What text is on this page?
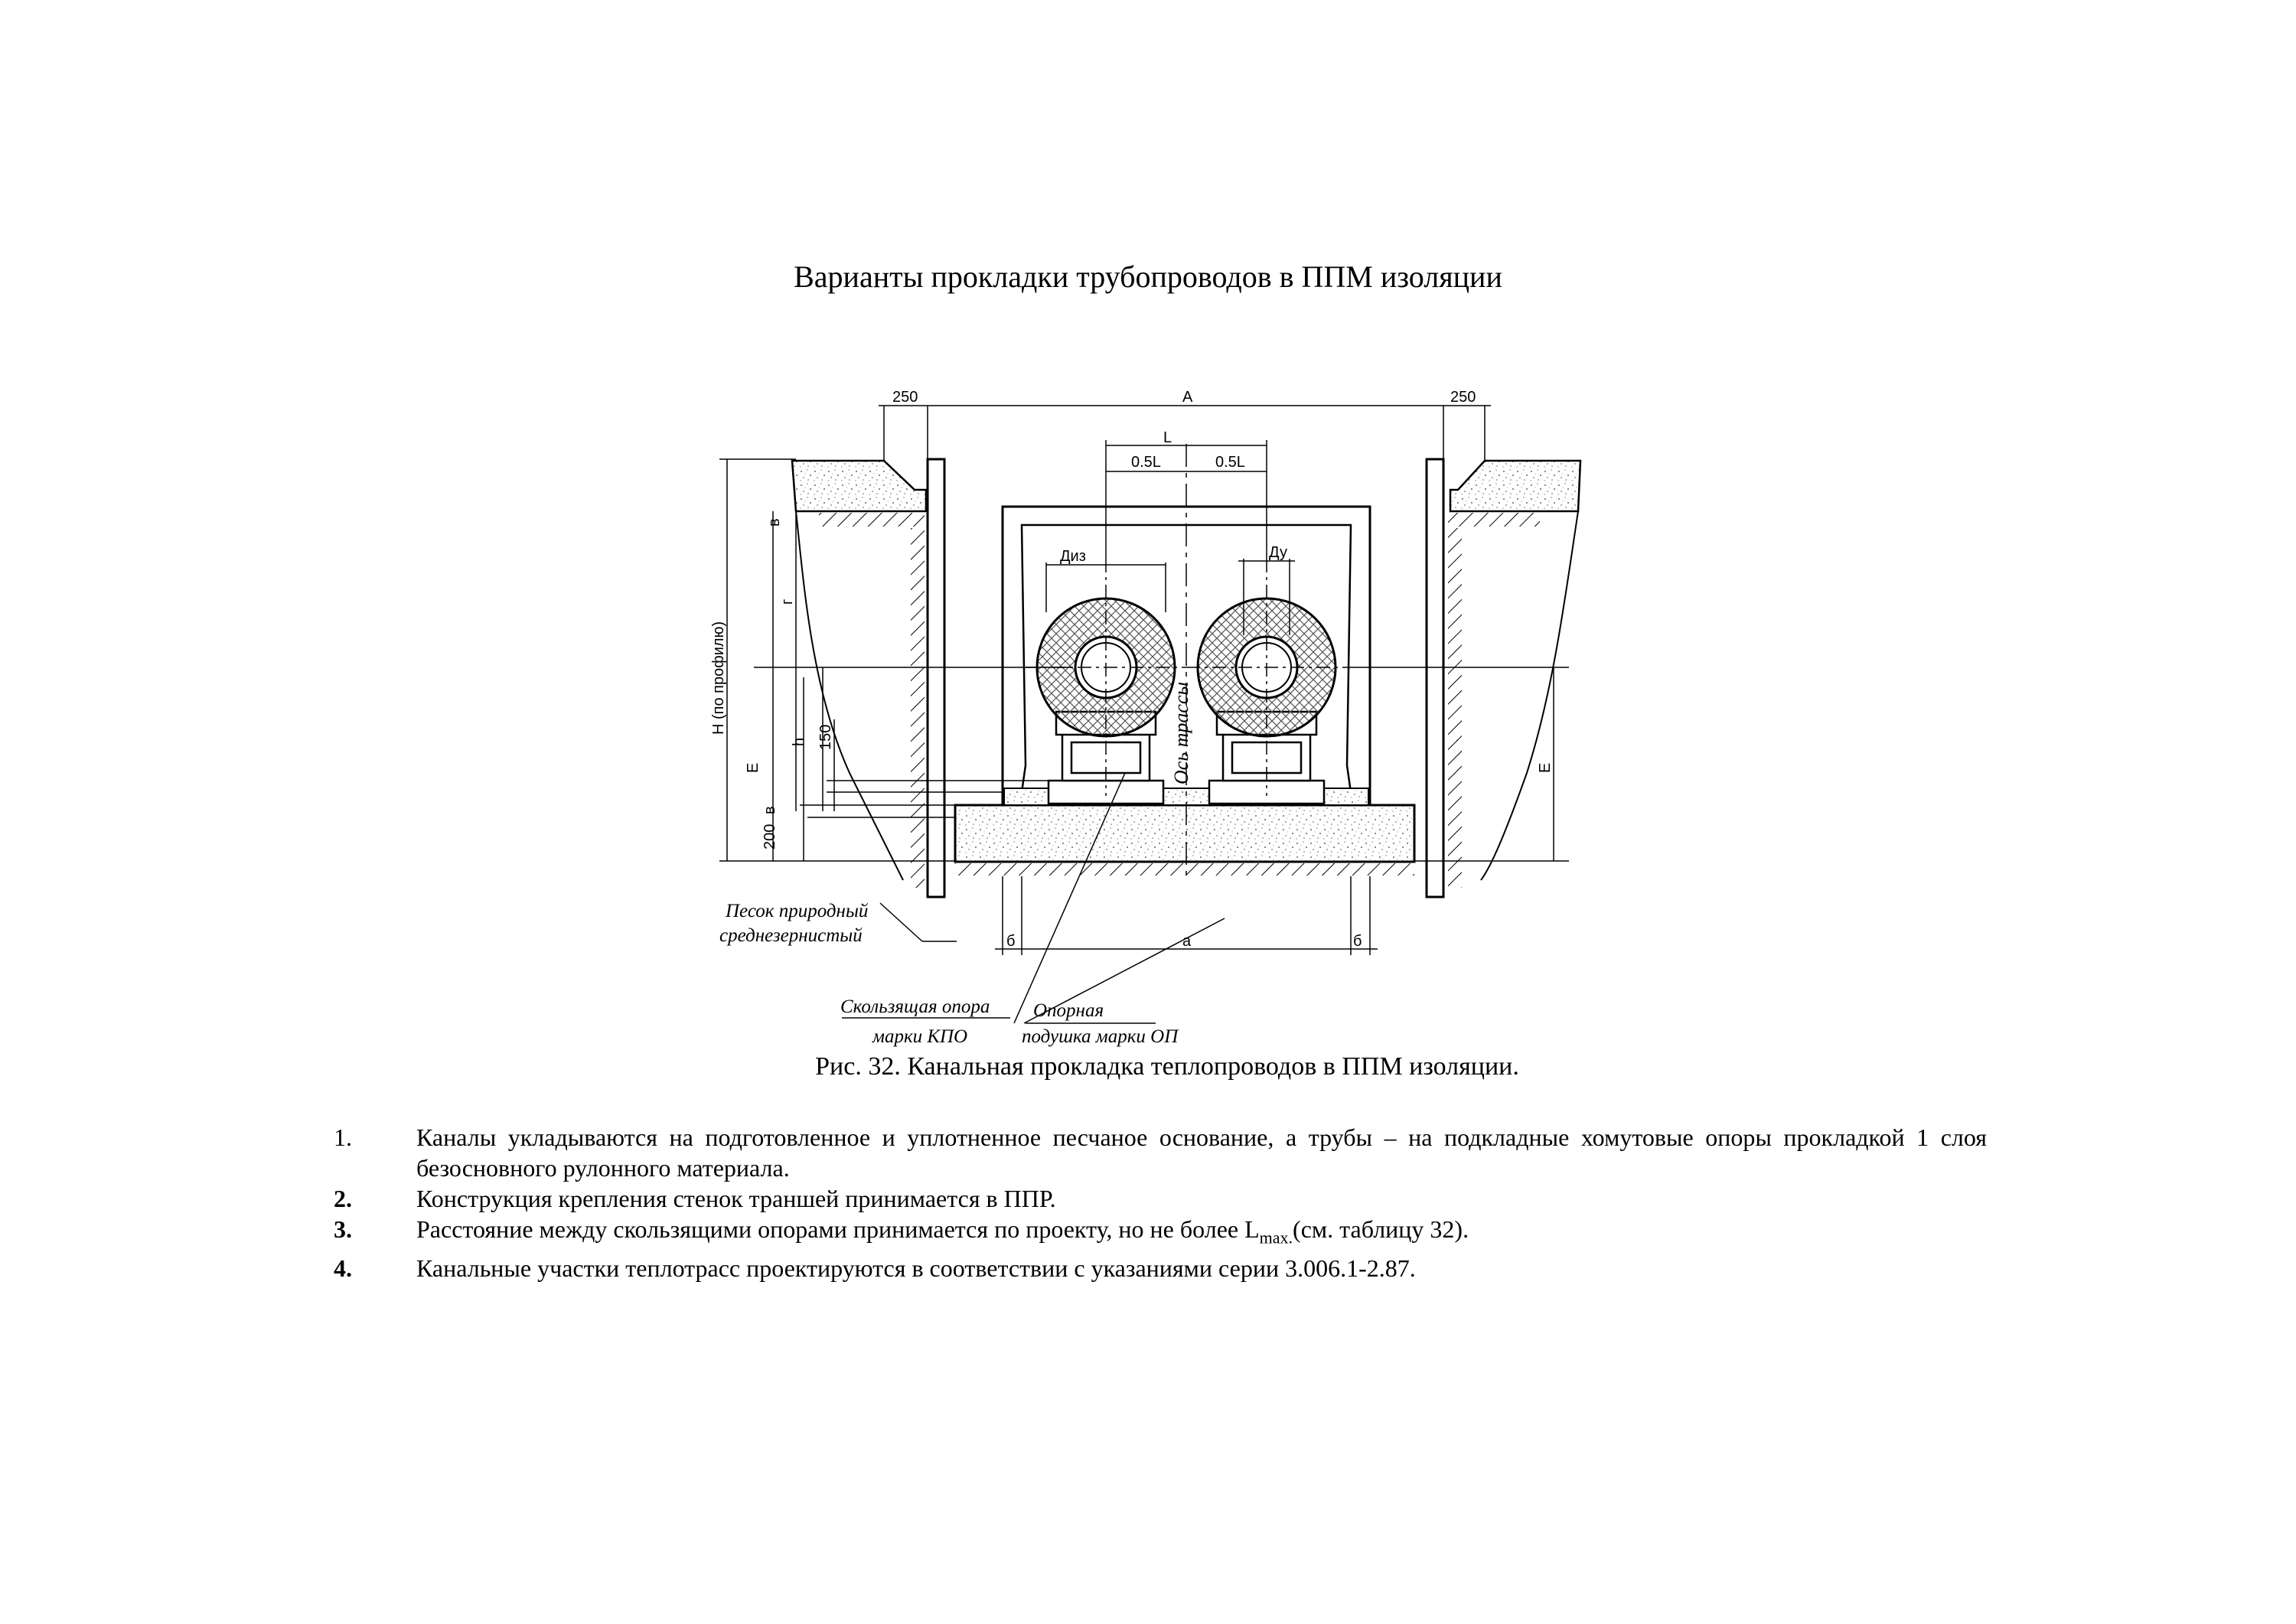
Варианты прокладки трубопроводов в ППМ изоляции
Ось трассы
250	A	250
L
0.5L	0.5L
Диз	Ду
Н (по профилю)
Е
г
h 150
200
в
в
Е
б	а	б
Песок природный
среднезернистый
Скользящая опора
марки КПО
Опорная
подушка марки ОП
Рис. 32. Канальная прокладка теплопроводов в ППМ изоляции.
1.	Каналы укладываются на подготовленное и уплотненное песчаное основание, а трубы – на подкладные хомутовые опоры прокладкой 1 слоя безосновного рулонного материала.
2.	Конструкция крепления стенок траншей принимается в ППР.
3.	Расстояние между скользящими опорами принимается по проекту, но не более $L_{max.}(см$. таблицу 32).
4.	Канальные участки теплотрасс проектируются в соответствии с указаниями серии 3.006.1-2.87.
